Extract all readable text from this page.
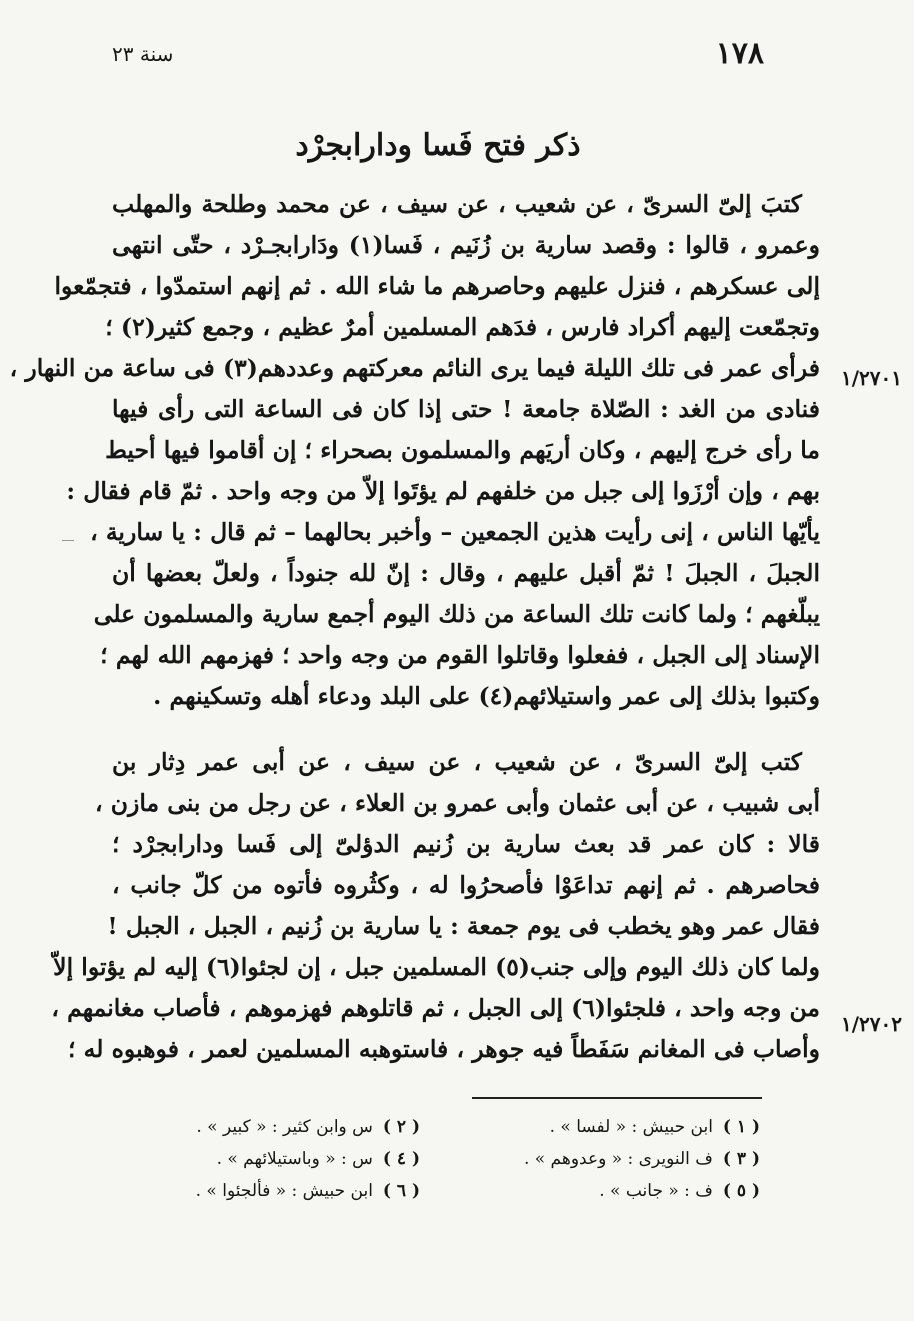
سنة ٢٣	١٧٨
ذكر فتح فَسا ودارابجرْد
كتبَ إلىّ السرىّ ، عن شعيب ، عن سيف ، عن محمد وطلحة والمهلب
وعمرو ، قالوا : وقصد سارية بن زُنَيم ، فَسا(١) ودَارابجـرْد ، حتّى انتهى
إلى عسكرهم ، فنزل عليهم وحاصرهم ما شاء الله . ثم إنهم استمدّوا ، فتجمّعوا
وتجمّعت إليهم أكراد فارس ، فدَهم المسلمين أمرٌ عظيم ، وجمع كثير(٢) ؛
فرأى عمر فى تلك الليلة فيما يرى النائم معركتهم وعددهم(٣) فى ساعة من النهار ،
فنادى من الغد : الصّلاة جامعة ! حتى إذا كان فى الساعة التى رأى فيها
ما رأى خرج إليهم ، وكان أريَهم والمسلمون بصحراء ؛ إن أقاموا فيها أحيط
بهم ، وإن أرْزَوا إلى جبل من خلفهم لم يؤتَوا إلاّ من وجه واحد . ثمّ قام فقال :
يأيّها الناس ، إنى رأيت هذين الجمعين – وأخبر بحالهما – ثم قال : يا سارية ،
الجبلَ ، الجبلَ ! ثمّ أقبل عليهم ، وقال : إنّ لله جنوداً ، ولعلّ بعضها أن
يبلّغهم ؛ ولما كانت تلك الساعة من ذلك اليوم أجمع سارية والمسلمون على
الإسناد إلى الجبل ، ففعلوا وقاتلوا القوم من وجه واحد ؛ فهزمهم الله لهم ؛
وكتبوا بذلك إلى عمر واستيلائهم(٤) على البلد ودعاء أهله وتسكينهم .
١/٢٧٠١
كتب إلىّ السرىّ ، عن شعيب ، عن سيف ، عن أبى عمر دِثار بن
أبى شبيب ، عن أبى عثمان وأبى عمرو بن العلاء ، عن رجل من بنى مازن ،
قالا : كان عمر قد بعث سارية بن زُنيم الدؤلىّ إلى فَسا ودارابجرْد ؛
فحاصرهم . ثم إنهم تداعَوْا فأصحرُوا له ، وكثُروه فأتوه من كلّ جانب ،
فقال عمر وهو يخطب فى يوم جمعة : يا سارية بن زُنيم ، الجبل ، الجبل !
ولما كان ذلك اليوم وإلى جنب(٥) المسلمين جبل ، إن لجئوا(٦) إليه لم يؤتوا إلاّ
من وجه واحد ، فلجئوا(٦) إلى الجبل ، ثم قاتلوهم فهزموهم ، فأصاب مغانمهم ،
وأصاب فى المغانم سَفَطاً فيه جوهر ، فاستوهبه المسلمين لعمر ، فوهبوه له ؛
١/٢٧٠٢
( ١ )ابن حبيش : « لفسا » .
( ٢ )س وابن كثير : « كبير » .
( ٣ )ف النويرى : « وعدوهم » .
( ٤ )س : « وباستيلائهم » .
( ٥ )ف : « جانب » .
( ٦ )ابن حبيش : « فألجئوا » .
